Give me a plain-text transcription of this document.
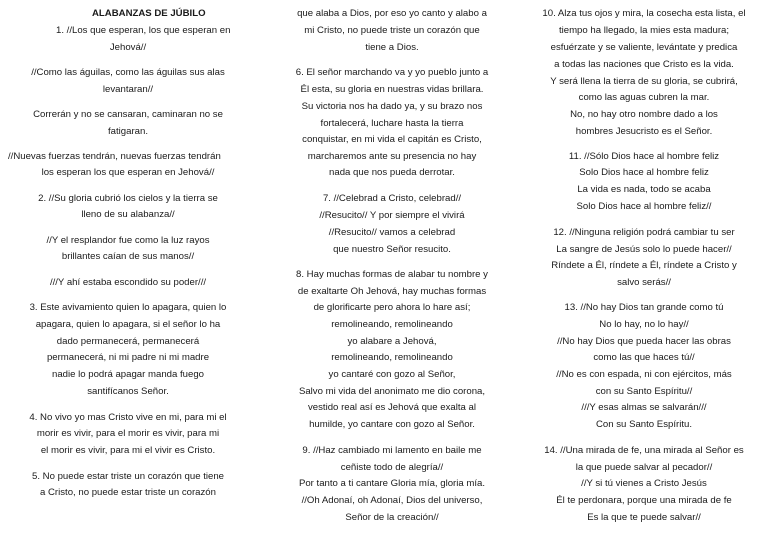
ALABANZAS DE JÚBILO
1. //Los que esperan, los que esperan en
Jehová//
//Como las águilas, como las águilas sus alas
levantaran//
Correrán y no se cansaran, caminaran no se
fatigaran.
//Nuevas fuerzas tendrán, nuevas fuerzas tendrán
los esperan los que esperan en Jehová//
2. //Su gloria cubrió los cielos y la tierra se
lleno de su alabanza//
//Y el resplandor fue como la luz rayos
brillantes caían de sus manos//
///Y ahí estaba escondido su poder///
3. Este avivamiento quien lo apagara, quien lo
apagara, quien lo apagara, si el señor lo ha
dado permanecerá, permanecerá
permanecerá, ni mi padre ni mi madre
nadie lo podrá apagar manda fuego
santifícanos Señor.
4. No vivo yo mas Cristo vive en mi, para mi el
morir es vivir, para el morir es vivir, para mi
el morir es vivir, para mi el vivir es Cristo.
5. No puede estar triste un corazón que tiene
a Cristo, no puede estar triste un corazón
que alaba a Dios, por eso yo canto y alabo a
mi Cristo, no puede triste un corazón que
tiene a Dios.
6. El señor marchando va y yo pueblo junto a
Él esta, su gloria en nuestras vidas brillara.
Su victoria nos ha dado ya, y su brazo nos
fortalecerá, luchare hasta la tierra
conquistar, en mi vida el capitán es Cristo,
marcharemos ante su presencia no hay
nada que nos pueda derrotar.
7. //Celebrad a Cristo, celebrad//
//Resucito// Y por siempre el vivirá
//Resucito// vamos a celebrad
que nuestro Señor resucito.
8. Hay muchas formas de alabar tu nombre y
de exaltarte Oh Jehová, hay muchas formas
de glorificarte pero ahora lo hare así;
remolineando, remolineando
yo alabare a Jehová,
remolineando, remolineando
yo cantaré con gozo al Señor,
Salvo mi vida del anonimato me dio corona,
vestido real así es Jehová que exalta al
humilde, yo cantare con gozo al Señor.
9. //Haz cambiado mi lamento en baile me
ceñiste todo de alegría//
Por tanto a ti cantare Gloria mía, gloria mía.
//Oh Adonaí, oh Adonaí, Dios del universo,
Señor de la creación//
10. Alza tus ojos y mira, la cosecha esta lista, el
tiempo ha llegado, la mies esta madura;
esfuérzate y se valiente, levántate y predica
a todas las naciones que Cristo es la vida.
Y será llena la tierra de su gloria, se cubrirá,
como las aguas cubren la mar.
No, no hay otro nombre dado a los
hombres Jesucristo es el Señor.
11. //Sólo Dios hace al hombre feliz
Solo Dios hace al hombre feliz
La vida es nada, todo se acaba
Solo Dios hace al hombre feliz//
12. //Ninguna religión podrá cambiar tu ser
La sangre de Jesús solo lo puede hacer//
Ríndete a Él, ríndete a Él, ríndete a Cristo y
salvo serás//
13. //No hay Dios tan grande como tú
No lo hay, no lo hay//
//No hay Dios que pueda hacer las obras
como las que haces tú//
//No es con espada, ni con ejércitos, más
con su Santo Espíritu//
///Y esas almas se salvarán///
Con su Santo Espíritu.
14. //Una mirada de fe, una mirada al Señor es
la que puede salvar al pecador//
//Y si tú vienes a Cristo Jesús
Él te perdonara, porque una mirada de fe
Es la que te puede salvar//
